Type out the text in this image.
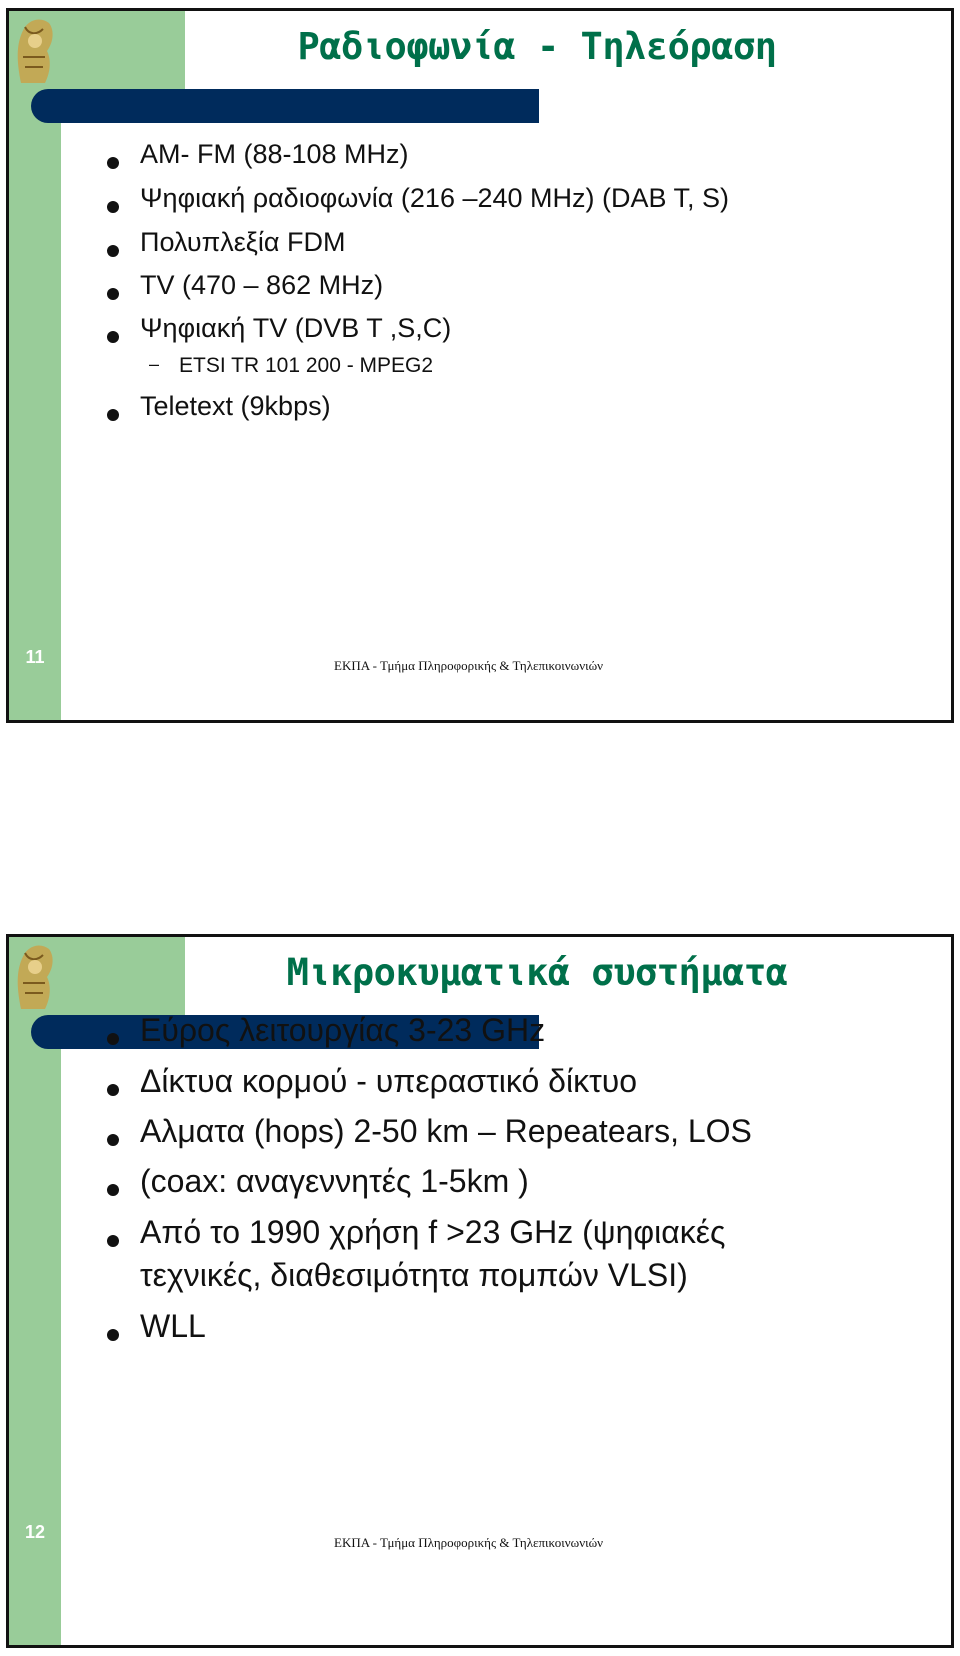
Ραδιοφωνία - Τηλεόραση
AM- FM (88-108 MHz)
Ψηφιακή ραδιοφωνία (216 –240 MHz) (DAB T, S)
Πολυπλεξία FDM
TV (470 – 862 MHz)
Ψηφιακή TV (DVB T ,S,C)
– ETSI TR 101 200 - MPEG2
Teletext (9kbps)
11	ΕΚΠΑ - Τμήμα Πληροφορικής & Τηλεπικοινωνιών
Μικροκυματικά συστήματα
Εύρος λειτουργίας 3-23 GHz
Δίκτυα κορμού - υπεραστικό δίκτυο
Αλματα (hops) 2-50 km – Repeatears, LOS
(coax: αναγεννητές 1-5km )
Από το 1990 χρήση f >23 GHz (ψηφιακές
τεχνικές, διαθεσιμότητα πομπών VLSI)
WLL
12
ΕΚΠΑ - Τμήμα Πληροφορικής & Τηλεπικοινωνιών
